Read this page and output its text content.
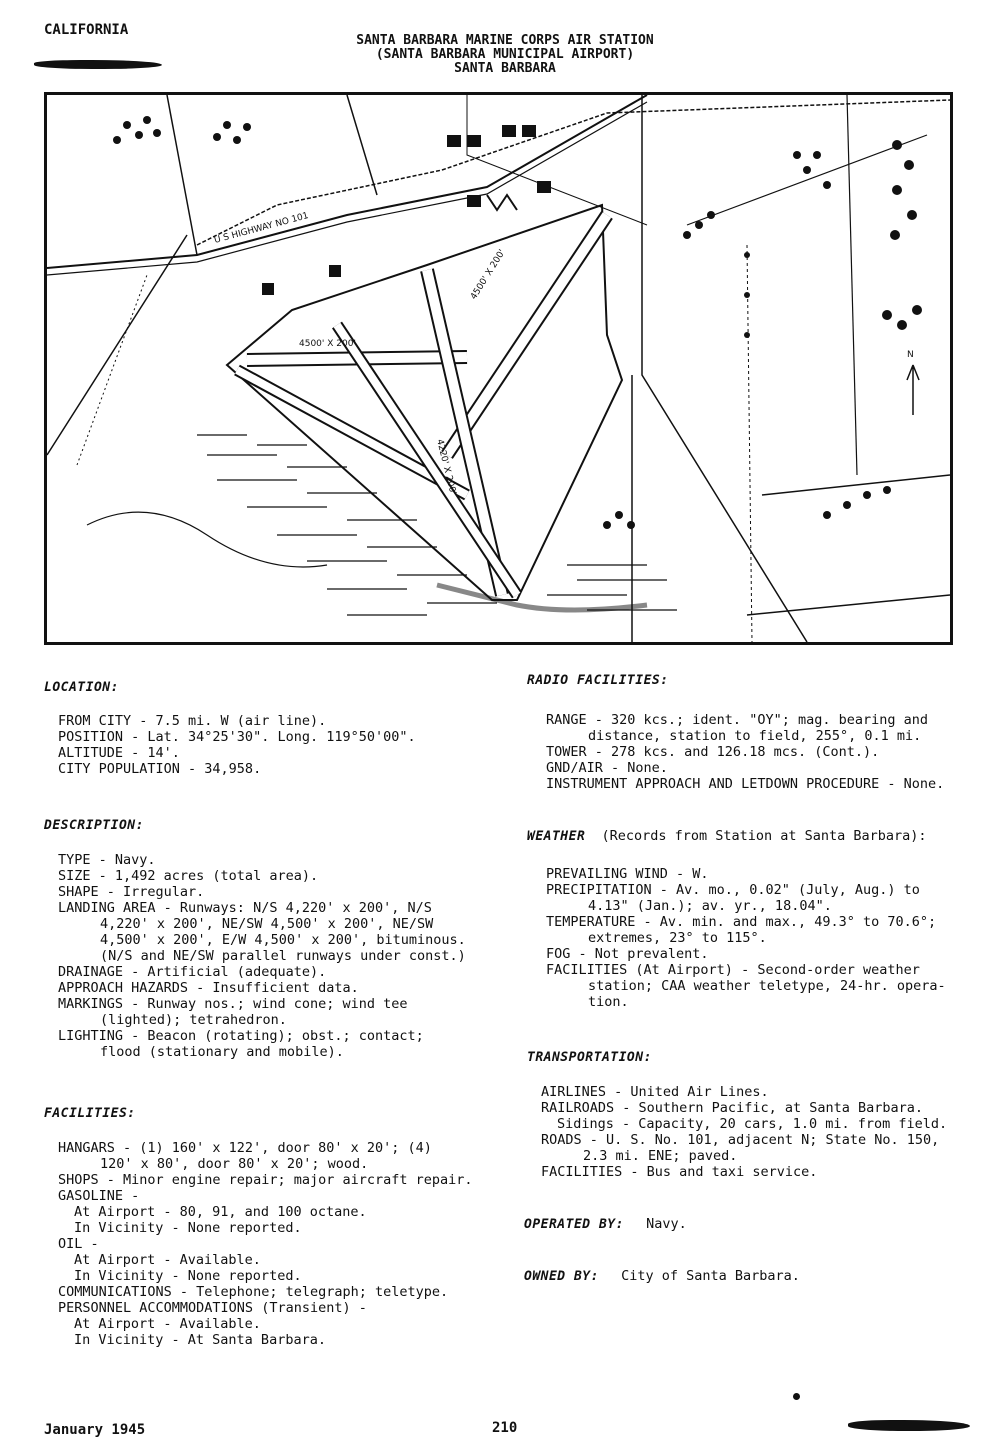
CALIFORNIA
SANTA BARBARA MARINE CORPS AIR STATION
(SANTA BARBARA MUNICIPAL AIRPORT)
SANTA BARBARA
U S HIGHWAY NO 101
4500' X 200'
4500' X 200'
4220' X 200'
N
LOCATION:
FROM CITY - 7.5 mi. W (air line).
POSITION - Lat. 34°25'30". Long. 119°50'00".
ALTITUDE - 14'.
CITY POPULATION - 34,958.
DESCRIPTION:
TYPE - Navy.
SIZE - 1,492 acres (total area).
SHAPE - Irregular.
LANDING AREA - Runways: N/S 4,220' x 200', N/S
4,220' x 200', NE/SW 4,500' x 200', NE/SW
4,500' x 200', E/W 4,500' x 200', bituminous.
(N/S and NE/SW parallel runways under const.)
DRAINAGE - Artificial (adequate).
APPROACH HAZARDS - Insufficient data.
MARKINGS - Runway nos.; wind cone; wind tee
(lighted); tetrahedron.
LIGHTING - Beacon (rotating); obst.; contact;
flood (stationary and mobile).
FACILITIES:
HANGARS - (1) 160' x 122', door 80' x 20'; (4)
120' x 80', door 80' x 20'; wood.
SHOPS - Minor engine repair; major aircraft repair.
GASOLINE -
At Airport - 80, 91, and 100 octane.
In Vicinity - None reported.
OIL -
At Airport - Available.
In Vicinity - None reported.
COMMUNICATIONS - Telephone; telegraph; teletype.
PERSONNEL ACCOMMODATIONS (Transient) -
At Airport - Available.
In Vicinity - At Santa Barbara.
RADIO FACILITIES:
RANGE - 320 kcs.; ident. "OY"; mag. bearing and
distance, station to field, 255°, 0.1 mi.
TOWER - 278 kcs. and 126.18 mcs. (Cont.).
GND/AIR - None.
INSTRUMENT APPROACH AND LETDOWN PROCEDURE - None.
WEATHER (Records from Station at Santa Barbara):
PREVAILING WIND - W.
PRECIPITATION - Av. mo., 0.02" (July, Aug.) to
4.13" (Jan.); av. yr., 18.04".
TEMPERATURE - Av. min. and max., 49.3° to 70.6°;
extremes, 23° to 115°.
FOG - Not prevalent.
FACILITIES (At Airport) - Second-order weather
station; CAA weather teletype, 24-hr. opera-
tion.
TRANSPORTATION:
AIRLINES - United Air Lines.
RAILROADS - Southern Pacific, at Santa Barbara.
Sidings - Capacity, 20 cars, 1.0 mi. from field.
ROADS - U. S. No. 101, adjacent N; State No. 150,
2.3 mi. ENE; paved.
FACILITIES - Bus and taxi service.
OPERATED BY: Navy.
OWNED BY: City of Santa Barbara.
January 1945	210
